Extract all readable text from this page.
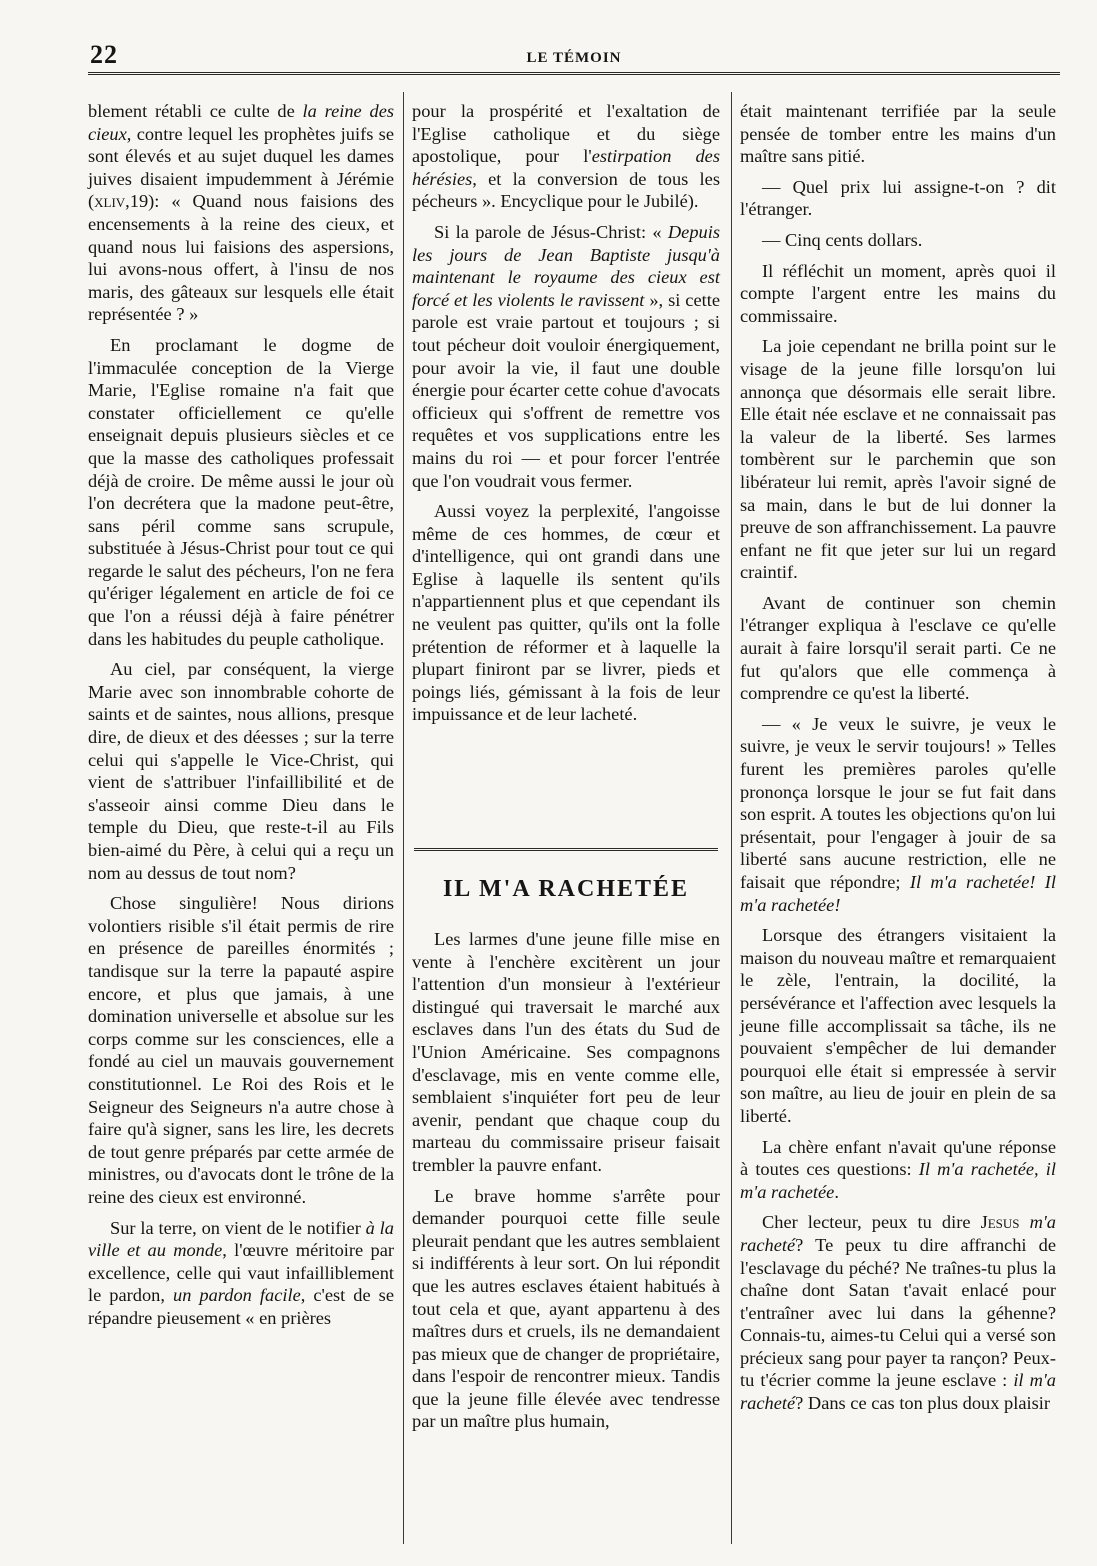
22	LE TÉMOIN

blement rétabli ce culte de la reine des cieux, contre lequel les prophètes juifs se sont élevés et au sujet duquel les dames juives disaient impudemment à Jérémie (xliv,19): « Quand nous faisions des encensements à la reine des cieux, et quand nous lui faisions des aspersions, lui avons-nous offert, à l'insu de nos maris, des gâteaux sur lesquels elle était représentée ? »

En proclamant le dogme de l'immaculée conception de la Vierge Marie, l'Eglise romaine n'a fait que constater officiellement ce qu'elle enseignait depuis plusieurs siècles et ce que la masse des catholiques professait déjà de croire. De même aussi le jour où l'on decrétera que la madone peut-être, sans péril comme sans scrupule, substituée à Jésus-Christ pour tout ce qui regarde le salut des pécheurs, l'on ne fera qu'ériger légalement en article de foi ce que l'on a réussi déjà à faire pénétrer dans les habitudes du peuple catholique.

Au ciel, par conséquent, la vierge Marie avec son innombrable cohorte de saints et de saintes, nous allions, presque dire, de dieux et des déesses ; sur la terre celui qui s'appelle le Vice-Christ, qui vient de s'attribuer l'infaillibilité et de s'asseoir ainsi comme Dieu dans le temple du Dieu, que reste-t-il au Fils bien-aimé du Père, à celui qui a reçu un nom au dessus de tout nom?

Chose singulière! Nous dirions volontiers risible s'il était permis de rire en présence de pareilles énormités ; tandisque sur la terre la papauté aspire encore, et plus que jamais, à une domination universelle et absolue sur les corps comme sur les consciences, elle a fondé au ciel un mauvais gouvernement constitutionnel. Le Roi des Rois et le Seigneur des Seigneurs n'a autre chose à faire qu'à signer, sans les lire, les decrets de tout genre préparés par cette armée de ministres, ou d'avocats dont le trône de la reine des cieux est environné.

Sur la terre, on vient de le notifier à la ville et au monde, l'œuvre méritoire par excellence, celle qui vaut infailliblement le pardon, un pardon facile, c'est de se répandre pieusement « en prières

pour la prospérité et l'exaltation de l'Eglise catholique et du siège apostolique, pour l'estirpation des hérésies, et la conversion de tous les pécheurs ». Encyclique pour le Jubilé).

Si la parole de Jésus-Christ: « Depuis les jours de Jean Baptiste jusqu'à maintenant le royaume des cieux est forcé et les violents le ravissent », si cette parole est vraie partout et toujours ; si tout pécheur doit vouloir énergiquement, pour avoir la vie, il faut une double énergie pour écarter cette cohue d'avocats officieux qui s'offrent de remettre vos requêtes et vos supplications entre les mains du roi — et pour forcer l'entrée que l'on voudrait vous fermer.

Aussi voyez la perplexité, l'angoisse même de ces hommes, de cœur et d'intelligence, qui ont grandi dans une Eglise à laquelle ils sentent qu'ils n'appartiennent plus et que cependant ils ne veulent pas quitter, qu'ils ont la folle prétention de réformer et à laquelle la plupart finiront par se livrer, pieds et poings liés, gémissant à la fois de leur impuissance et de leur lacheté.

IL M'A RACHETÉE

Les larmes d'une jeune fille mise en vente à l'enchère excitèrent un jour l'attention d'un monsieur à l'extérieur distingué qui traversait le marché aux esclaves dans l'un des états du Sud de l'Union Américaine. Ses compagnons d'esclavage, mis en vente comme elle, semblaient s'inquiéter fort peu de leur avenir, pendant que chaque coup du marteau du commissaire priseur faisait trembler la pauvre enfant.

Le brave homme s'arrête pour demander pourquoi cette fille seule pleurait pendant que les autres semblaient si indifférents à leur sort. On lui répondit que les autres esclaves étaient habitués à tout cela et que, ayant appartenu à des maîtres durs et cruels, ils ne demandaient pas mieux que de changer de propriétaire, dans l'espoir de rencontrer mieux. Tandis que la jeune fille élevée avec tendresse par un maître plus humain,

était maintenant terrifiée par la seule pensée de tomber entre les mains d'un maître sans pitié.

— Quel prix lui assigne-t-on ? dit l'étranger.

— Cinq cents dollars.

Il réfléchit un moment, après quoi il compte l'argent entre les mains du commissaire.

La joie cependant ne brilla point sur le visage de la jeune fille lorsqu'on lui annonça que désormais elle serait libre. Elle était née esclave et ne connaissait pas la valeur de la liberté. Ses larmes tombèrent sur le parchemin que son libérateur lui remit, après l'avoir signé de sa main, dans le but de lui donner la preuve de son affranchissement. La pauvre enfant ne fit que jeter sur lui un regard craintif.

Avant de continuer son chemin l'étranger expliqua à l'esclave ce qu'elle aurait à faire lorsqu'il serait parti. Ce ne fut qu'alors que elle commença à comprendre ce qu'est la liberté.

— « Je veux le suivre, je veux le suivre, je veux le servir toujours! » Telles furent les premières paroles qu'elle prononça lorsque le jour se fut fait dans son esprit. A toutes les objections qu'on lui présentait, pour l'engager à jouir de sa liberté sans aucune restriction, elle ne faisait que répondre; Il m'a rachetée! Il m'a rachetée!

Lorsque des étrangers visitaient la maison du nouveau maître et remarquaient le zèle, l'entrain, la docilité, la persévérance et l'affection avec lesquels la jeune fille accomplissait sa tâche, ils ne pouvaient s'empêcher de lui demander pourquoi elle était si empressée à servir son maître, au lieu de jouir en plein de sa liberté.

La chère enfant n'avait qu'une réponse à toutes ces questions: Il m'a rachetée, il m'a rachetée.

Cher lecteur, peux tu dire Jesus m'a racheté? Te peux tu dire affranchi de l'esclavage du péché? Ne traînes-tu plus la chaîne dont Satan t'avait enlacé pour t'entraîner avec lui dans la géhenne? Connais-tu, aimes-tu Celui qui a versé son précieux sang pour payer ta rançon? Peux-tu t'écrier comme la jeune esclave : il m'a racheté? Dans ce cas ton plus doux plaisir
